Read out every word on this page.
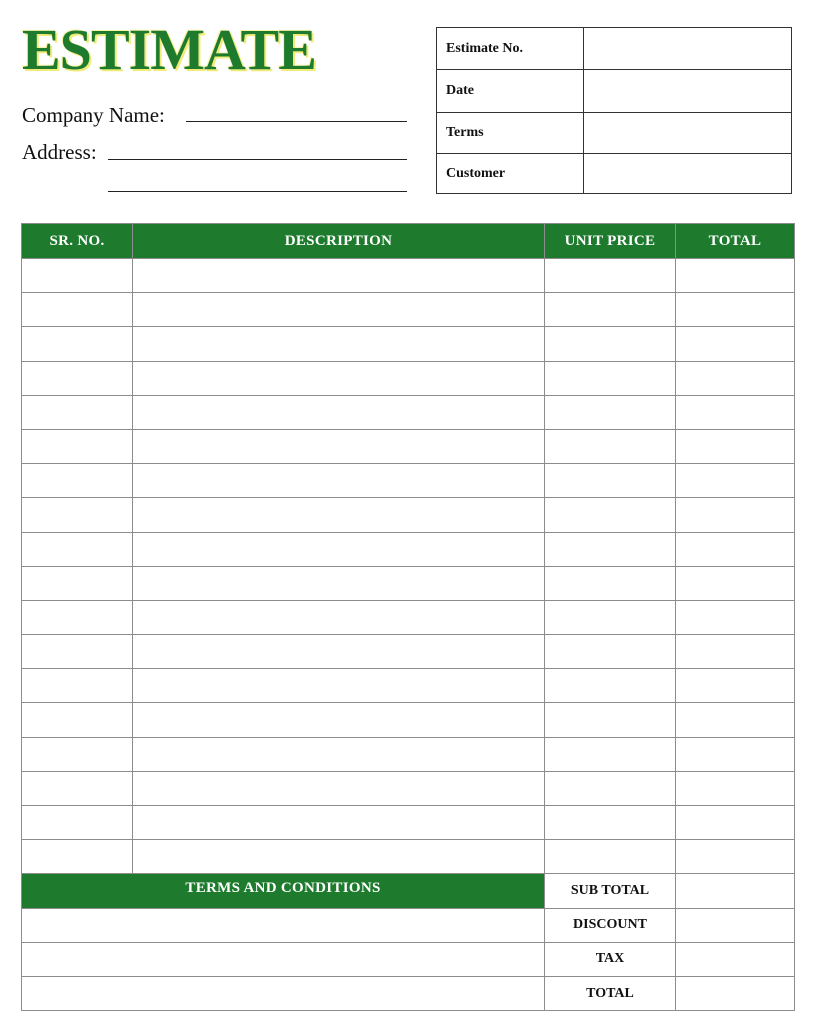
ESTIMATE
Company Name:
Address:
Estimate No.
Date
Terms
Customer
SR. NO.	DESCRIPTION	UNIT PRICE	TOTAL

TERMS AND CONDITIONS		SUB TOTAL	
		DISCOUNT	
		TAX	
		TOTAL	
